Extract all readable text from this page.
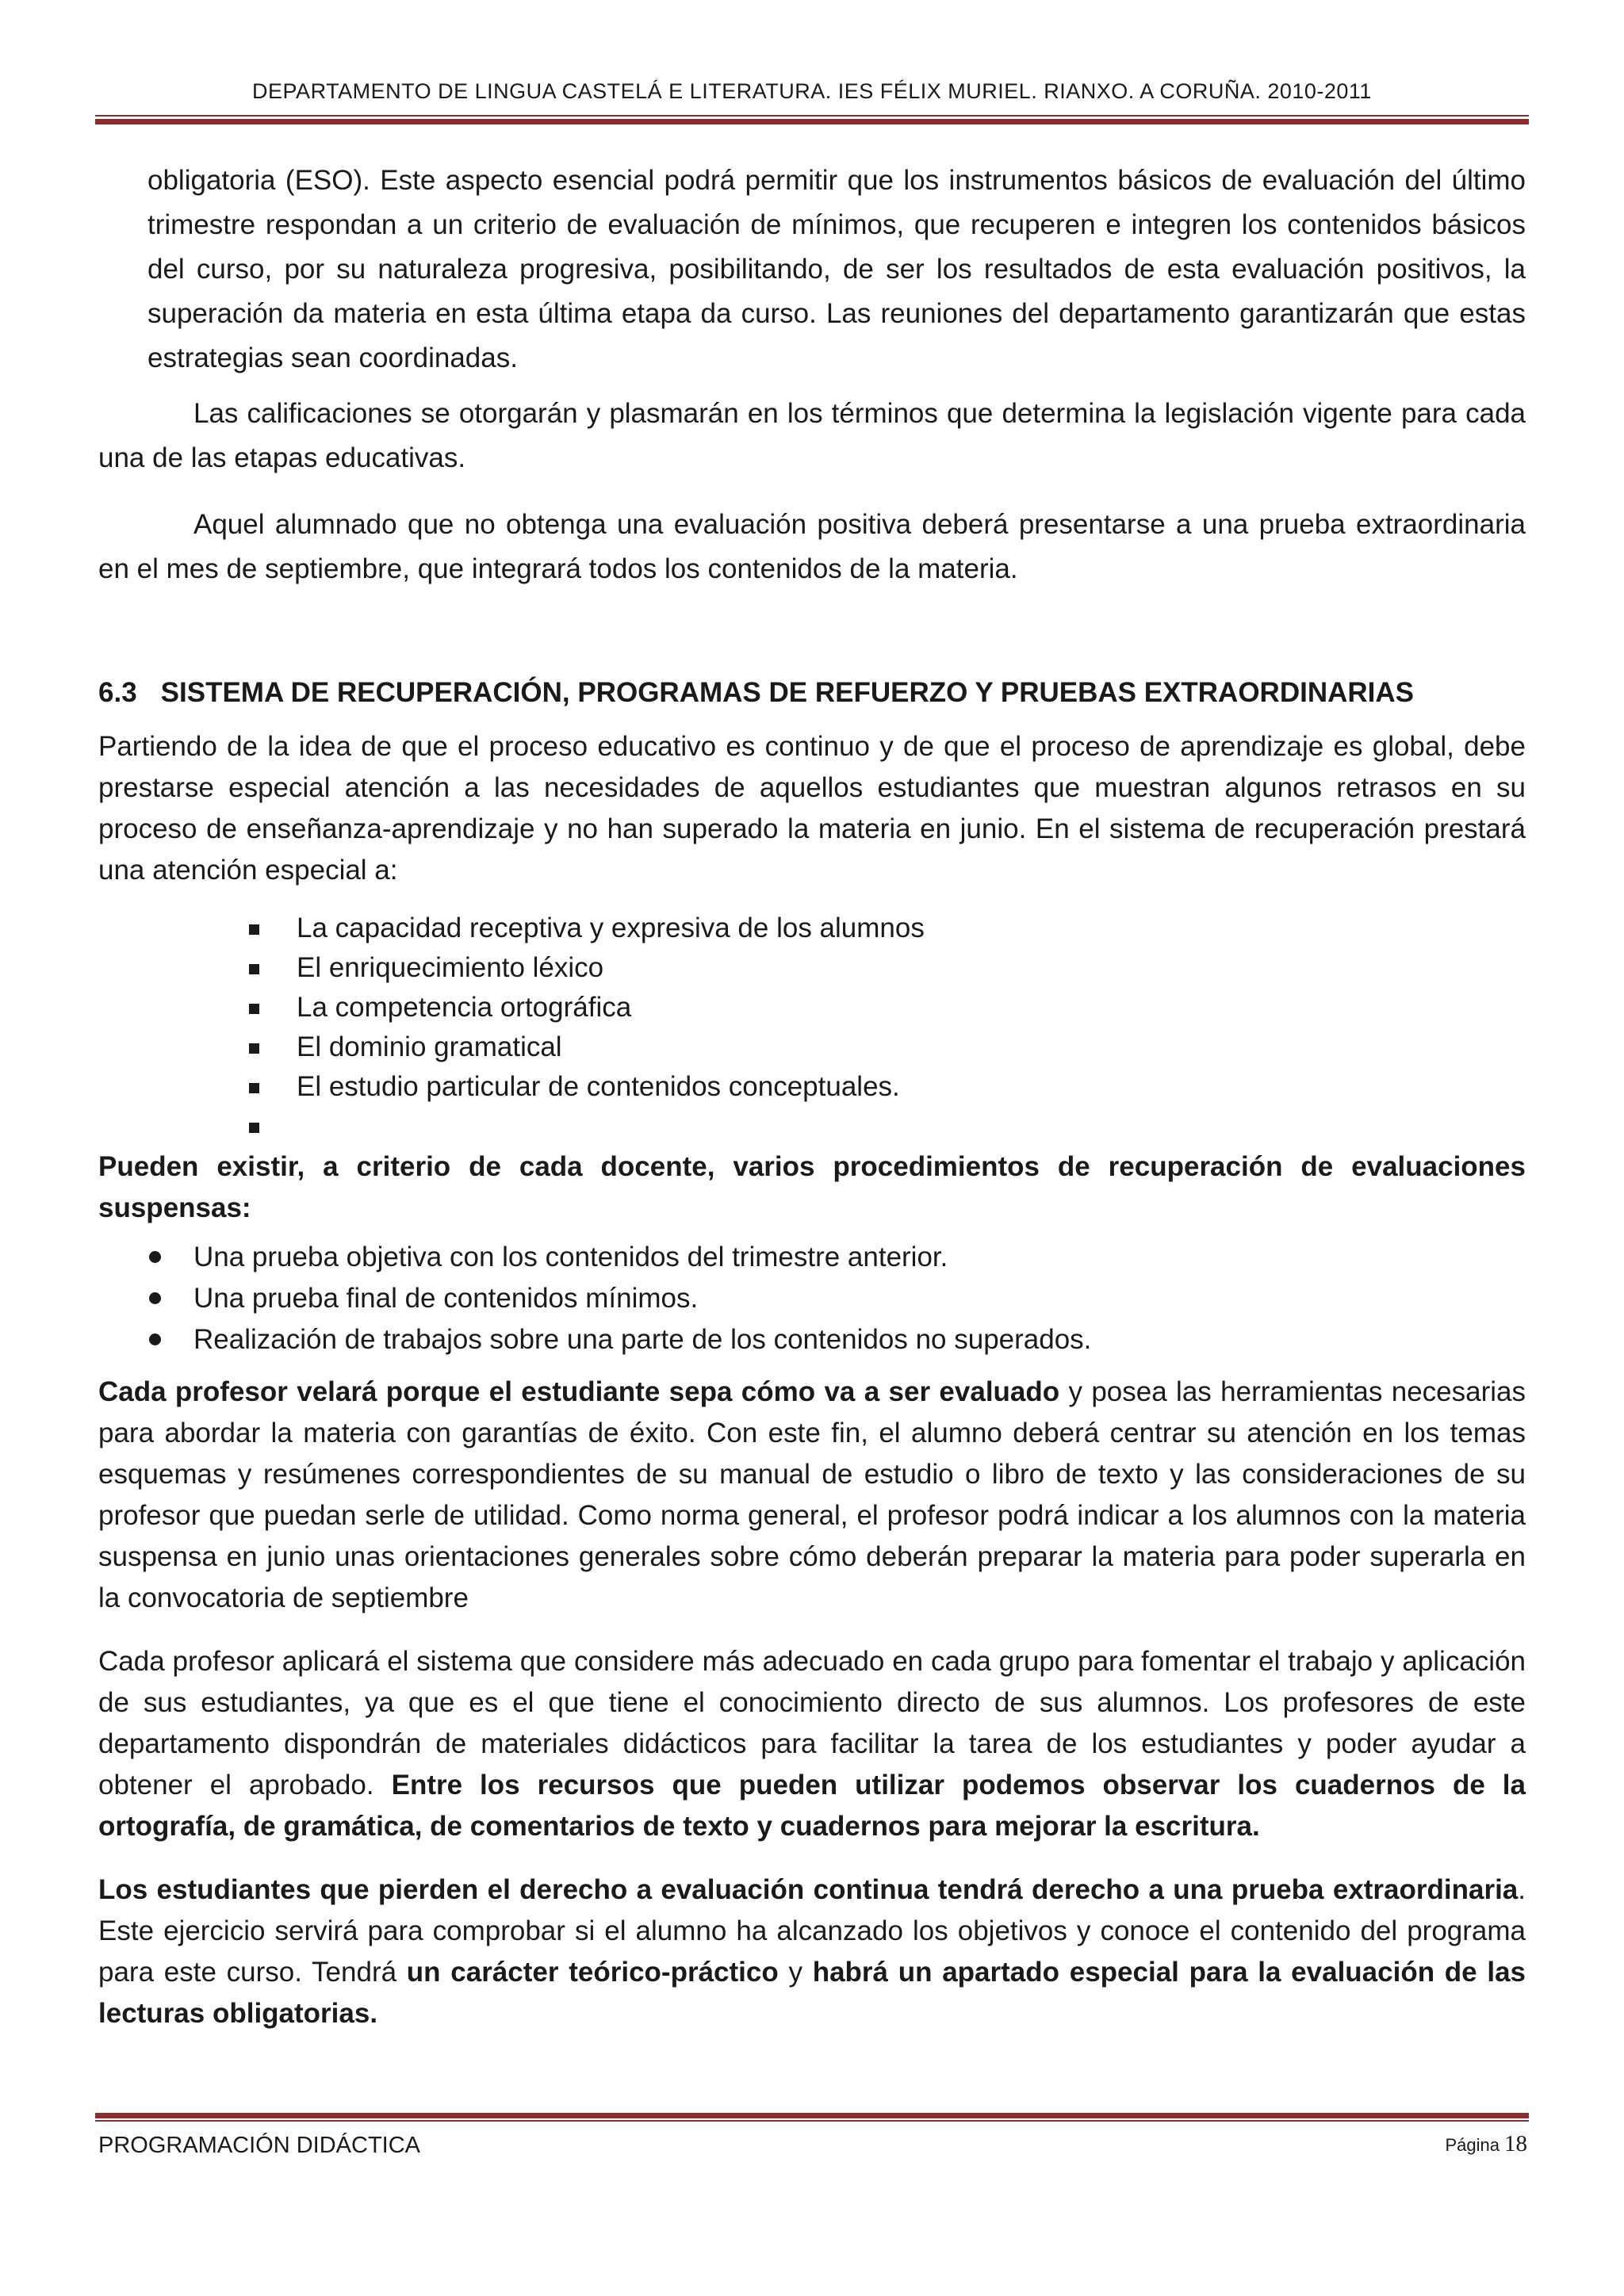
DEPARTAMENTO DE LINGUA CASTELÁ E LITERATURA. IES FÉLIX MURIEL. RIANXO. A CORUÑA. 2010-2011

obligatoria (ESO). Este aspecto esencial podrá permitir que los instrumentos básicos de evaluación del último trimestre respondan a un criterio de evaluación de mínimos, que recuperen e integren los contenidos básicos del curso, por su naturaleza progresiva, posibilitando, de ser los resultados de esta evaluación positivos, la superación da materia en esta última etapa da curso. Las reuniones del departamento garantizarán que estas estrategias sean coordinadas.

Las calificaciones se otorgarán y plasmarán en los términos que determina la legislación vigente para cada una de las etapas educativas.

Aquel alumnado que no obtenga una evaluación positiva deberá presentarse a una prueba extraordinaria en el mes de septiembre, que integrará todos los contenidos de la materia.

6.3 SISTEMA DE RECUPERACIÓN, PROGRAMAS DE REFUERZO Y PRUEBAS EXTRAORDINARIAS

Partiendo de la idea de que el proceso educativo es continuo y de que el proceso de aprendizaje es global, debe prestarse especial atención a las necesidades de aquellos estudiantes que muestran algunos retrasos en su proceso de enseñanza-aprendizaje y no han superado la materia en junio. En el sistema de recuperación prestará una atención especial a:

La capacidad receptiva y expresiva de los alumnos
El enriquecimiento léxico
La competencia ortográfica
El dominio gramatical
El estudio particular de contenidos conceptuales.

Pueden existir, a criterio de cada docente, varios procedimientos de recuperación de evaluaciones suspensas:

Una prueba objetiva con los contenidos del trimestre anterior.
Una prueba final de contenidos mínimos.
Realización de trabajos sobre una parte de los contenidos no superados.

Cada profesor velará porque el estudiante sepa cómo va a ser evaluado y posea las herramientas necesarias para abordar la materia con garantías de éxito. Con este fin, el alumno deberá centrar su atención en los temas esquemas y resúmenes correspondientes de su manual de estudio o libro de texto y las consideraciones de su profesor que puedan serle de utilidad. Como norma general, el profesor podrá indicar a los alumnos con la materia suspensa en junio unas orientaciones generales sobre cómo deberán preparar la materia para poder superarla en la convocatoria de septiembre

Cada profesor aplicará el sistema que considere más adecuado en cada grupo para fomentar el trabajo y aplicación de sus estudiantes, ya que es el que tiene el conocimiento directo de sus alumnos. Los profesores de este departamento dispondrán de materiales didácticos para facilitar la tarea de los estudiantes y poder ayudar a obtener el aprobado. Entre los recursos que pueden utilizar podemos observar los cuadernos de la ortografía, de gramática, de comentarios de texto y cuadernos para mejorar la escritura.

Los estudiantes que pierden el derecho a evaluación continua tendrá derecho a una prueba extraordinaria. Este ejercicio servirá para comprobar si el alumno ha alcanzado los objetivos y conoce el contenido del programa para este curso. Tendrá un carácter teórico-práctico y habrá un apartado especial para la evaluación de las lecturas obligatorias.

PROGRAMACIÓN DIDÁCTICA	Página 18
